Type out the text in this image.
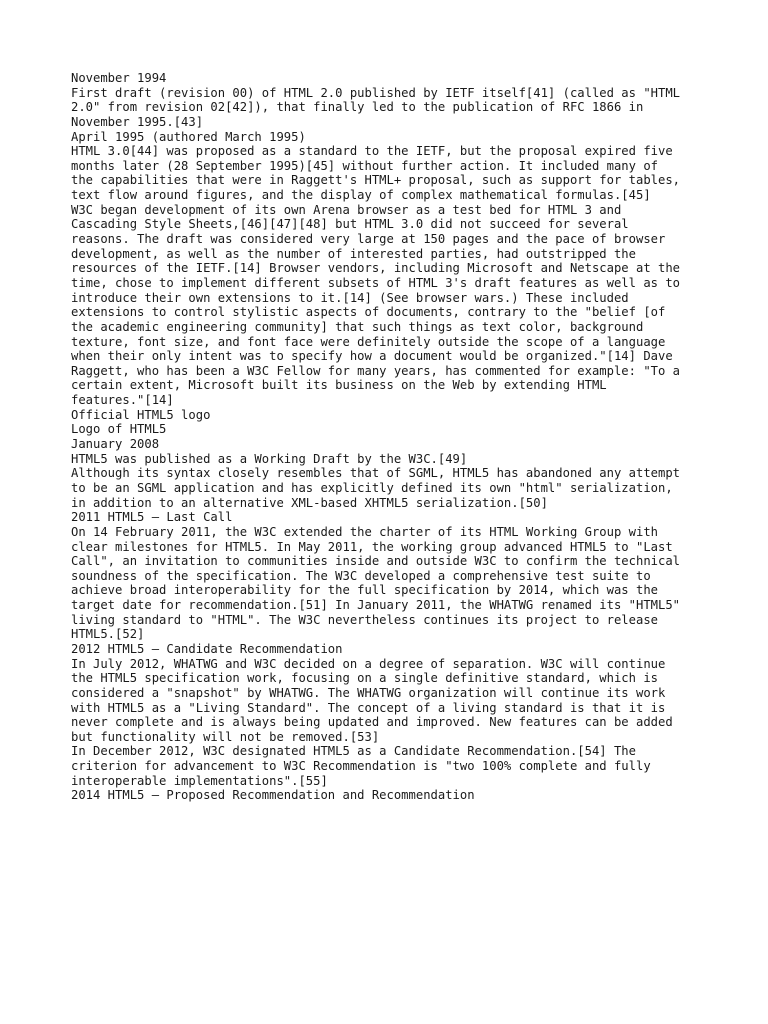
November 1994
First draft (revision 00) of HTML 2.0 published by IETF itself[41] (called as "HTML
2.0" from revision 02[42]), that finally led to the publication of RFC 1866 in
November 1995.[43]
April 1995 (authored March 1995)
HTML 3.0[44] was proposed as a standard to the IETF, but the proposal expired five
months later (28 September 1995)[45] without further action. It included many of
the capabilities that were in Raggett's HTML+ proposal, such as support for tables,
text flow around figures, and the display of complex mathematical formulas.[45]
W3C began development of its own Arena browser as a test bed for HTML 3 and
Cascading Style Sheets,[46][47][48] but HTML 3.0 did not succeed for several
reasons. The draft was considered very large at 150 pages and the pace of browser
development, as well as the number of interested parties, had outstripped the
resources of the IETF.[14] Browser vendors, including Microsoft and Netscape at the
time, chose to implement different subsets of HTML 3's draft features as well as to
introduce their own extensions to it.[14] (See browser wars.) These included
extensions to control stylistic aspects of documents, contrary to the "belief [of
the academic engineering community] that such things as text color, background
texture, font size, and font face were definitely outside the scope of a language
when their only intent was to specify how a document would be organized."[14] Dave
Raggett, who has been a W3C Fellow for many years, has commented for example: "To a
certain extent, Microsoft built its business on the Web by extending HTML
features."[14]
Official HTML5 logo
Logo of HTML5
January 2008
HTML5 was published as a Working Draft by the W3C.[49]
Although its syntax closely resembles that of SGML, HTML5 has abandoned any attempt
to be an SGML application and has explicitly defined its own "html" serialization,
in addition to an alternative XML-based XHTML5 serialization.[50]
2011 HTML5 – Last Call
On 14 February 2011, the W3C extended the charter of its HTML Working Group with
clear milestones for HTML5. In May 2011, the working group advanced HTML5 to "Last
Call", an invitation to communities inside and outside W3C to confirm the technical
soundness of the specification. The W3C developed a comprehensive test suite to
achieve broad interoperability for the full specification by 2014, which was the
target date for recommendation.[51] In January 2011, the WHATWG renamed its "HTML5"
living standard to "HTML". The W3C nevertheless continues its project to release
HTML5.[52]
2012 HTML5 – Candidate Recommendation
In July 2012, WHATWG and W3C decided on a degree of separation. W3C will continue
the HTML5 specification work, focusing on a single definitive standard, which is
considered a "snapshot" by WHATWG. The WHATWG organization will continue its work
with HTML5 as a "Living Standard". The concept of a living standard is that it is
never complete and is always being updated and improved. New features can be added
but functionality will not be removed.[53]
In December 2012, W3C designated HTML5 as a Candidate Recommendation.[54] The
criterion for advancement to W3C Recommendation is "two 100% complete and fully
interoperable implementations".[55]
2014 HTML5 – Proposed Recommendation and Recommendation
